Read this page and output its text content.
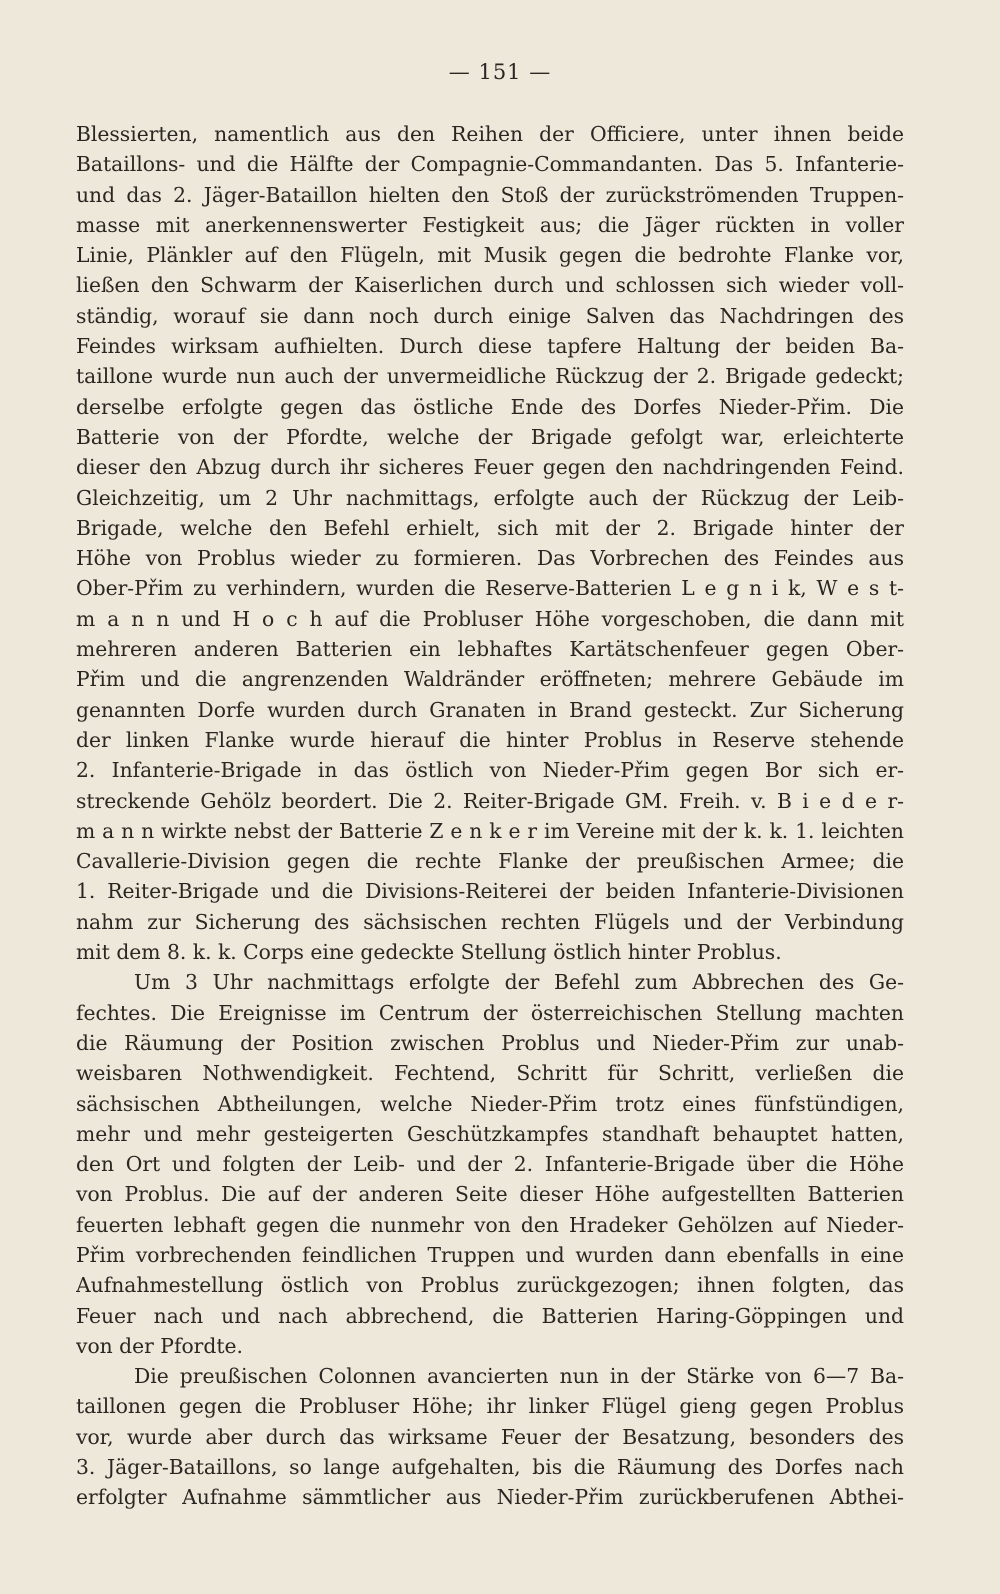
— 151 —
Blessierten, namentlich aus den Reihen der Officiere, unter ihnen beide
Bataillons- und die Hälfte der Compagnie-Commandanten. Das 5. Infanterie-
und das 2. Jäger-Bataillon hielten den Stoß der zurückströmenden Truppen-
masse mit anerkennenswerter Festigkeit aus; die Jäger rückten in voller
Linie, Plänkler auf den Flügeln, mit Musik gegen die bedrohte Flanke vor,
ließen den Schwarm der Kaiserlichen durch und schlossen sich wieder voll-
ständig, worauf sie dann noch durch einige Salven das Nachdringen des
Feindes wirksam aufhielten. Durch diese tapfere Haltung der beiden Ba-
taillone wurde nun auch der unvermeidliche Rückzug der 2. Brigade gedeckt;
derselbe erfolgte gegen das östliche Ende des Dorfes Nieder-Přim. Die
Batterie von der Pfordte, welche der Brigade gefolgt war, erleichterte
dieser den Abzug durch ihr sicheres Feuer gegen den nachdringenden Feind.
Gleichzeitig, um 2 Uhr nachmittags, erfolgte auch der Rückzug der Leib-
Brigade, welche den Befehl erhielt, sich mit der 2. Brigade hinter der
Höhe von Problus wieder zu formieren. Das Vorbrechen des Feindes aus
Ober-Přim zu verhindern, wurden die Reserve-Batterien L e g n i k, W e s t-
m a n n und H o c h auf die Probluser Höhe vorgeschoben, die dann mit
mehreren anderen Batterien ein lebhaftes Kartätschenfeuer gegen Ober-
Přim und die angrenzenden Waldränder eröffneten; mehrere Gebäude im
genannten Dorfe wurden durch Granaten in Brand gesteckt. Zur Sicherung
der linken Flanke wurde hierauf die hinter Problus in Reserve stehende
2. Infanterie-Brigade in das östlich von Nieder-Přim gegen Bor sich er-
streckende Gehölz beordert. Die 2. Reiter-Brigade GM. Freih. v. B i e d e r-
m a n n wirkte nebst der Batterie Z e n k e r im Vereine mit der k. k. 1. leichten
Cavallerie-Division gegen die rechte Flanke der preußischen Armee; die
1. Reiter-Brigade und die Divisions-Reiterei der beiden Infanterie-Divisionen
nahm zur Sicherung des sächsischen rechten Flügels und der Verbindung
mit dem 8. k. k. Corps eine gedeckte Stellung östlich hinter Problus.
Um 3 Uhr nachmittags erfolgte der Befehl zum Abbrechen des Ge-
fechtes. Die Ereignisse im Centrum der österreichischen Stellung machten
die Räumung der Position zwischen Problus und Nieder-Přim zur unab-
weisbaren Nothwendigkeit. Fechtend, Schritt für Schritt, verließen die
sächsischen Abtheilungen, welche Nieder-Přim trotz eines fünfstündigen,
mehr und mehr gesteigerten Geschützkampfes standhaft behauptet hatten,
den Ort und folgten der Leib- und der 2. Infanterie-Brigade über die Höhe
von Problus. Die auf der anderen Seite dieser Höhe aufgestellten Batterien
feuerten lebhaft gegen die nunmehr von den Hradeker Gehölzen auf Nieder-
Přim vorbrechenden feindlichen Truppen und wurden dann ebenfalls in eine
Aufnahmestellung östlich von Problus zurückgezogen; ihnen folgten, das
Feuer nach und nach abbrechend, die Batterien Haring-Göppingen und
von der Pfordte.
Die preußischen Colonnen avancierten nun in der Stärke von 6—7 Ba-
taillonen gegen die Probluser Höhe; ihr linker Flügel gieng gegen Problus
vor, wurde aber durch das wirksame Feuer der Besatzung, besonders des
3. Jäger-Bataillons, so lange aufgehalten, bis die Räumung des Dorfes nach
erfolgter Aufnahme sämmtlicher aus Nieder-Přim zurückberufenen Abthei-
